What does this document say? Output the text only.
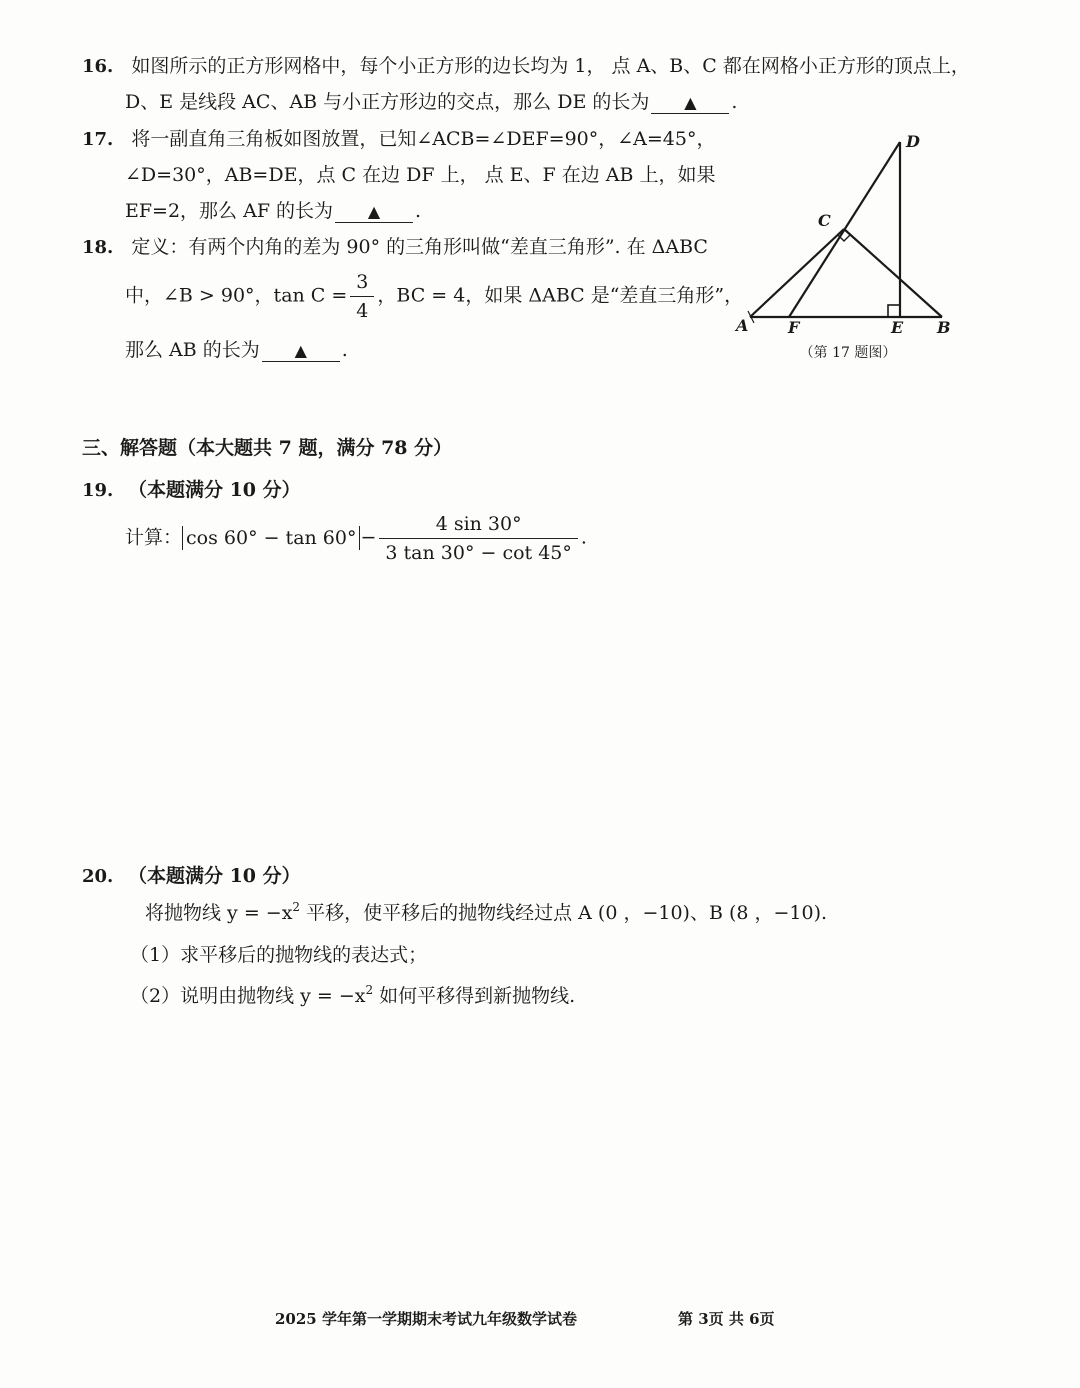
16. 如图所示的正方形网格中，每个小正方形的边长均为 1， 点 A、B、C 都在网格小正方形的顶点上，
D、E 是线段 AC、AB 与小正方形边的交点，那么 DE 的长为 ▲ .
17. 将一副直角三角板如图放置，已知∠ACB=∠DEF=90°，∠A=45°，
∠D=30°，AB=DE，点 C 在边 DF 上， 点 E、F 在边 AB 上，如果
EF=2，那么 AF 的长为 ▲ .
18. 定义：有两个内角的差为 90° 的三角形叫做“差直三角形”. 在 ΔABC
中，∠B > 90°，$\tan C = \frac{3}{4}$ ，BC = 4，如果 ΔABC 是“差直三角形”，
那么 AB 的长为 ▲ .
D
C
A F	E B
（第 17 题图）
三、解答题（本大题共 7 题，满分 78 分）
19. （本题满分 10 分）
计算： $\cos 60^\circ - \tan 60^\circ - \frac{4 \sin 30^\circ}{3 \tan 30^\circ - \cot 45^\circ}$ .
20. （本题满分 10 分）
将抛物线 $y = -x^2$ 平移，使平移后的抛物线经过点 A (0 ，−10)、B (8 ，−10).
（1）求平移后的抛物线的表达式；
（2）说明由抛物线 $y = -x^2$ 如何平移得到新抛物线.
2025 学年第一学期期末考试九年级数学试卷	第 3页 共 6页
